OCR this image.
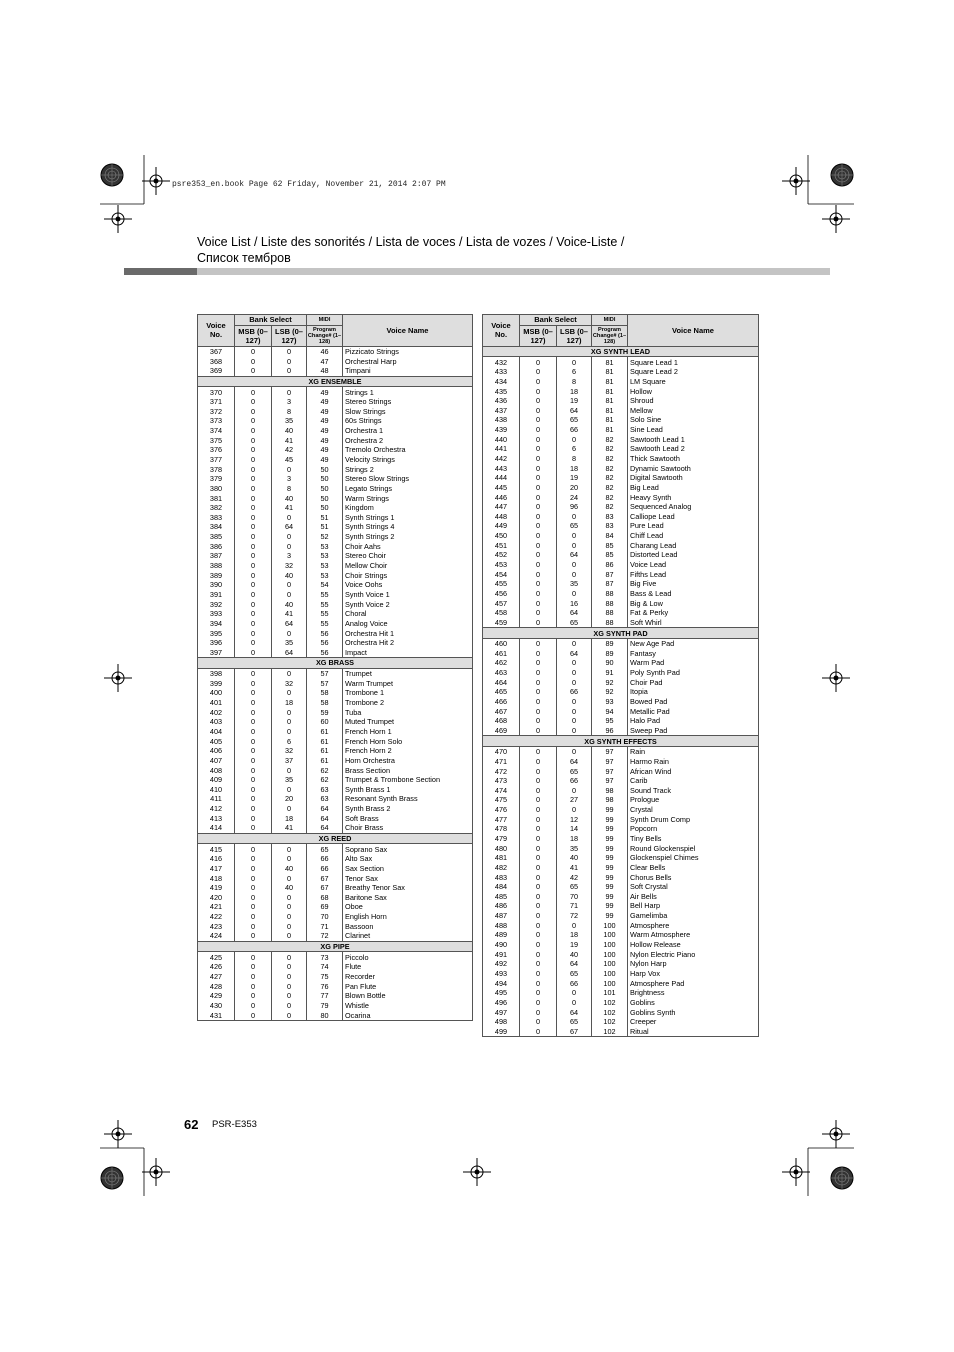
psre353_en.book Page 62 Friday, November 21, 2014 2:07 PM
Voice List / Liste des sonorités / Lista de voces / Lista de vozes / Voice-Liste /
Список тембров
Voice No.	Bank Select		MIDI	Voice Name
	MSB (0–127)	LSB (0–127)	Program Change# (1–128)	
367	0	0	46	Pizzicato Strings
368	0	0	47	Orchestral Harp
369	0	0	48	Timpani
XG ENSEMBLE				
370	0	0	49	Strings 1
371	0	3	49	Stereo Strings
372	0	8	49	Slow Strings
373	0	35	49	60s Strings
374	0	40	49	Orchestra 1
375	0	41	49	Orchestra 2
376	0	42	49	Tremolo Orchestra
377	0	45	49	Velocity Strings
378	0	0	50	Strings 2
379	0	3	50	Stereo Slow Strings
380	0	8	50	Legato Strings
381	0	40	50	Warm Strings
382	0	41	50	Kingdom
383	0	0	51	Synth Strings 1
384	0	64	51	Synth Strings 4
385	0	0	52	Synth Strings 2
386	0	0	53	Choir Aahs
387	0	3	53	Stereo Choir
388	0	32	53	Mellow Choir
389	0	40	53	Choir Strings
390	0	0	54	Voice Oohs
391	0	0	55	Synth Voice 1
392	0	40	55	Synth Voice 2
393	0	41	55	Choral
394	0	64	55	Analog Voice
395	0	0	56	Orchestra Hit 1
396	0	35	56	Orchestra Hit 2
397	0	64	56	Impact
XG BRASS				
398	0	0	57	Trumpet
399	0	32	57	Warm Trumpet
400	0	0	58	Trombone 1
401	0	18	58	Trombone 2
402	0	0	59	Tuba
403	0	0	60	Muted Trumpet
404	0	0	61	French Horn 1
405	0	6	61	French Horn Solo
406	0	32	61	French Horn 2
407	0	37	61	Horn Orchestra
408	0	0	62	Brass Section
409	0	35	62	Trumpet & Trombone Section
410	0	0	63	Synth Brass 1
411	0	20	63	Resonant Synth Brass
412	0	0	64	Synth Brass 2
413	0	18	64	Soft Brass
414	0	41	64	Choir Brass
XG REED				
415	0	0	65	Soprano Sax
416	0	0	66	Alto Sax
417	0	40	66	Sax Section
418	0	0	67	Tenor Sax
419	0	40	67	Breathy Tenor Sax
420	0	0	68	Baritone Sax
421	0	0	69	Oboe
422	0	0	70	English Horn
423	0	0	71	Bassoon
424	0	0	72	Clarinet
XG PIPE				
425	0	0	73	Piccolo
426	0	0	74	Flute
427	0	0	75	Recorder
428	0	0	76	Pan Flute
429	0	0	77	Blown Bottle
430	0	0	79	Whistle
431	0	0	80	Ocarina
Voice No.	Bank Select		MIDI	Voice Name
	MSB (0–127)	LSB (0–127)	Program Change# (1–128)	
XG SYNTH LEAD				
432	0	0	81	Square Lead 1
433	0	6	81	Square Lead 2
434	0	8	81	LM Square
435	0	18	81	Hollow
436	0	19	81	Shroud
437	0	64	81	Mellow
438	0	65	81	Solo Sine
439	0	66	81	Sine Lead
440	0	0	82	Sawtooth Lead 1
441	0	6	82	Sawtooth Lead 2
442	0	8	82	Thick Sawtooth
443	0	18	82	Dynamic Sawtooth
444	0	19	82	Digital Sawtooth
445	0	20	82	Big Lead
446	0	24	82	Heavy Synth
447	0	96	82	Sequenced Analog
448	0	0	83	Calliope Lead
449	0	65	83	Pure Lead
450	0	0	84	Chiff Lead
451	0	0	85	Charang Lead
452	0	64	85	Distorted Lead
453	0	0	86	Voice Lead
454	0	0	87	Fifths Lead
455	0	35	87	Big Five
456	0	0	88	Bass & Lead
457	0	16	88	Big & Low
458	0	64	88	Fat & Perky
459	0	65	88	Soft Whirl
XG SYNTH PAD				
460	0	0	89	New Age Pad
461	0	64	89	Fantasy
462	0	0	90	Warm Pad
463	0	0	91	Poly Synth Pad
464	0	0	92	Choir Pad
465	0	66	92	Itopia
466	0	0	93	Bowed Pad
467	0	0	94	Metallic Pad
468	0	0	95	Halo Pad
469	0	0	96	Sweep Pad
XG SYNTH EFFECTS				
470	0	0	97	Rain
471	0	64	97	Harmo Rain
472	0	65	97	African Wind
473	0	66	97	Carib
474	0	0	98	Sound Track
475	0	27	98	Prologue
476	0	0	99	Crystal
477	0	12	99	Synth Drum Comp
478	0	14	99	Popcorn
479	0	18	99	Tiny Bells
480	0	35	99	Round Glockenspiel
481	0	40	99	Glockenspiel Chimes
482	0	41	99	Clear Bells
483	0	42	99	Chorus Bells
484	0	65	99	Soft Crystal
485	0	70	99	Air Bells
486	0	71	99	Bell Harp
487	0	72	99	Gamelimba
488	0	0	100	Atmosphere
489	0	18	100	Warm Atmosphere
490	0	19	100	Hollow Release
491	0	40	100	Nylon Electric Piano
492	0	64	100	Nylon Harp
493	0	65	100	Harp Vox
494	0	66	100	Atmosphere Pad
495	0	0	101	Brightness
496	0	0	102	Goblins
497	0	64	102	Goblins Synth
498	0	65	102	Creeper
499	0	67	102	Ritual
62 PSR-E353
